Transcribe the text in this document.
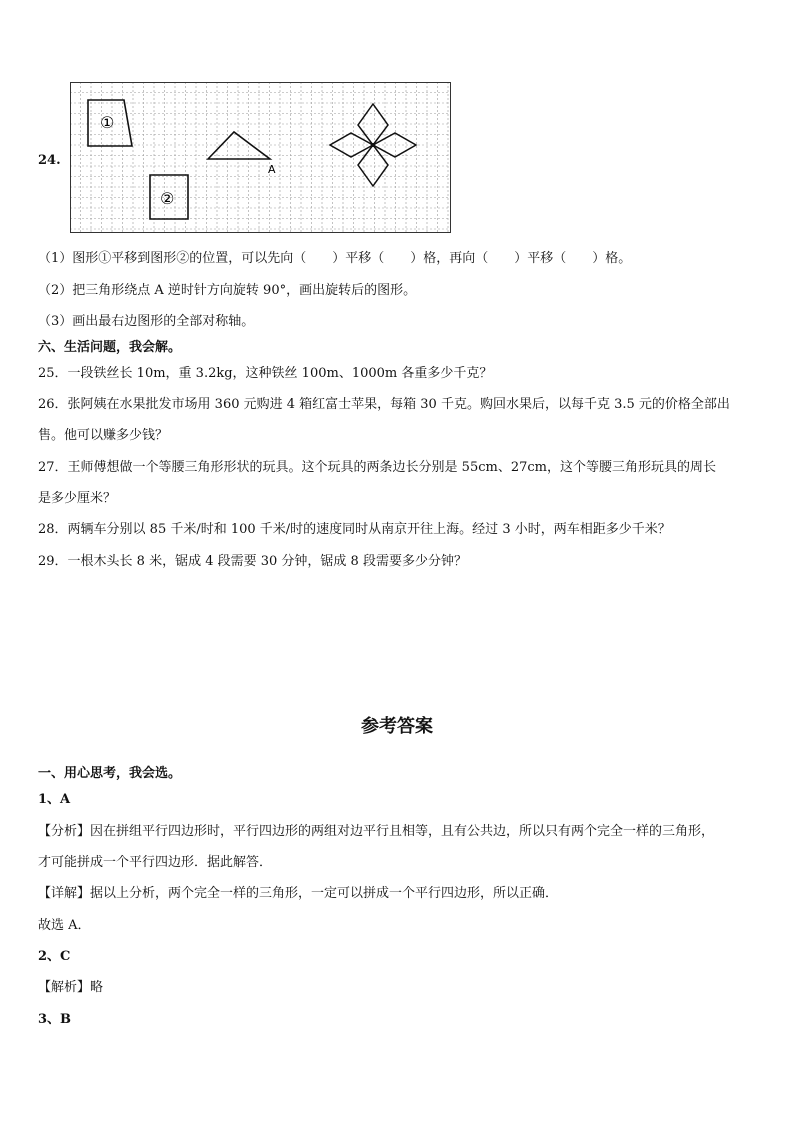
24.
①
②
A
（1）图形①平移到图形②的位置，可以先向（　　）平移（　　）格，再向（　　）平移（　　）格。
（2）把三角形绕点 A 逆时针方向旋转 90°，画出旋转后的图形。
（3）画出最右边图形的全部对称轴。
六、生活问题，我会解。
25．一段铁丝长 10m，重 3.2kg，这种铁丝 100m、1000m 各重多少千克？
26．张阿姨在水果批发市场用 360 元购进 4 箱红富士苹果，每箱 30 千克。购回水果后，以每千克 3.5 元的价格全部出
售。他可以赚多少钱？
27．王师傅想做一个等腰三角形形状的玩具。这个玩具的两条边长分别是 55cm、27cm，这个等腰三角形玩具的周长
是多少厘米？
28．两辆车分别以 85 千米/时和 100 千米/时的速度同时从南京开往上海。经过 3 小时，两车相距多少千米？
29．一根木头长 8 米，锯成 4 段需要 30 分钟，锯成 8 段需要多少分钟？
参考答案
一、用心思考，我会选。
1、A
【分析】因在拼组平行四边形时，平行四边形的两组对边平行且相等，且有公共边，所以只有两个完全一样的三角形，
才可能拼成一个平行四边形．据此解答．
【详解】据以上分析，两个完全一样的三角形，一定可以拼成一个平行四边形，所以正确．
故选 A．
2、C
【解析】略
3、B
